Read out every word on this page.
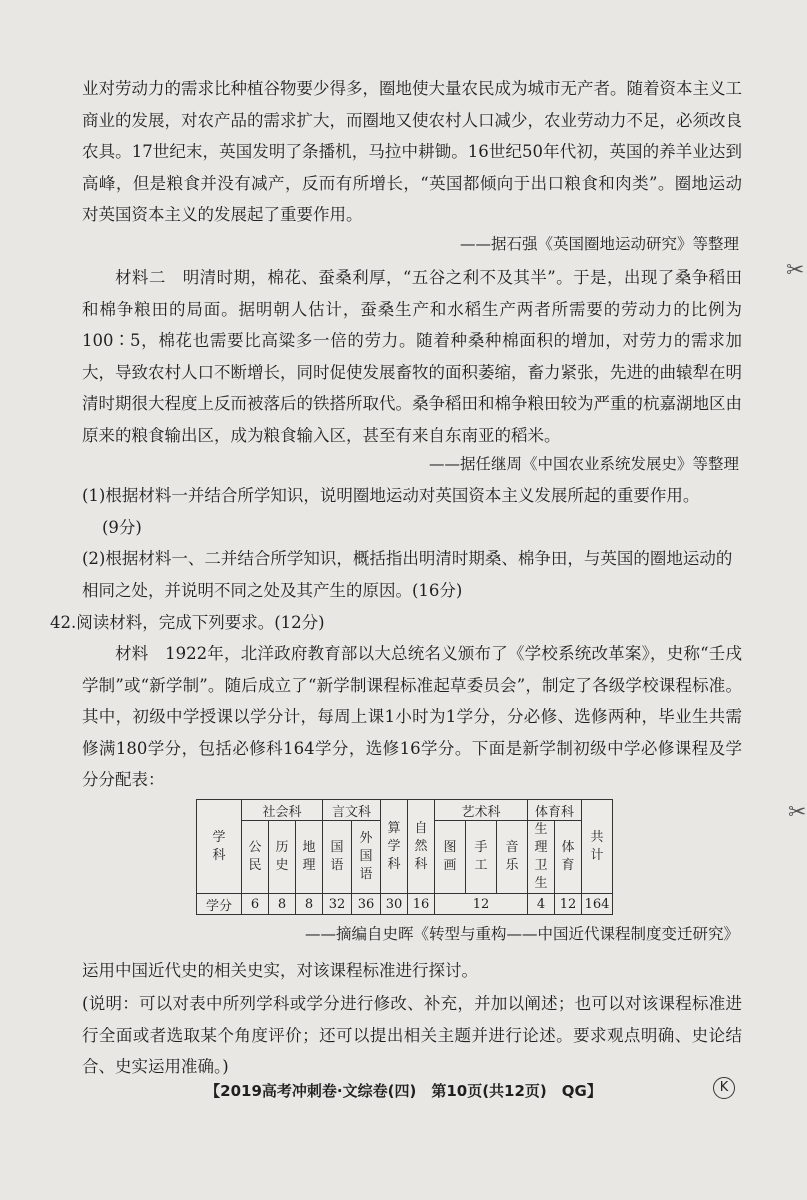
✂
✂
业对劳动力的需求比种植谷物要少得多，圈地使大量农民成为城市无产者。随着资本主义工商业的发展，对农产品的需求扩大，而圈地又使农村人口减少，农业劳动力不足，必须改良农具。17世纪末，英国发明了条播机，马拉中耕锄。16世纪50年代初，英国的养羊业达到高峰，但是粮食并没有减产，反而有所增长，“英国都倾向于出口粮食和肉类”。圈地运动对英国资本主义的发展起了重要作用。
——据石强《英国圈地运动研究》等整理
材料二　明清时期，棉花、蚕桑利厚，“五谷之利不及其半”。于是，出现了桑争稻田和棉争粮田的局面。据明朝人估计，蚕桑生产和水稻生产两者所需要的劳动力的比例为100∶5，棉花也需要比高粱多一倍的劳力。随着种桑种棉面积的增加，对劳力的需求加大，导致农村人口不断增长，同时促使发展畜牧的面积萎缩，畜力紧张，先进的曲辕犁在明清时期很大程度上反而被落后的铁搭所取代。桑争稻田和棉争粮田较为严重的杭嘉湖地区由原来的粮食输出区，成为粮食输入区，甚至有来自东南亚的稻米。
——据任继周《中国农业系统发展史》等整理
(1)根据材料一并结合所学知识，说明圈地运动对英国资本主义发展所起的重要作用。
(9分)
(2)根据材料一、二并结合所学知识，概括指出明清时期桑、棉争田，与英国的圈地运动的相同之处，并说明不同之处及其产生的原因。(16分)
42.阅读材料，完成下列要求。(12分)
材料　1922年，北洋政府教育部以大总统名义颁布了《学校系统改革案》，史称“壬戌学制”或“新学制”。随后成立了“新学制课程标准起草委员会”，制定了各级学校课程标准。其中，初级中学授课以学分计，每周上课1小时为1学分，分必修、选修两种，毕业生共需修满180学分，包括必修科164学分，选修16学分。下面是新学制初级中学必修课程及学分分配表：
学科	社会科			言文科		算学科	自然科	艺术科			体育科		共计

	公民	历史	地理	国语	外国语			图画	手工	音乐	生理卫生	体育	

学分	6	8	8	32	36	30	16	12			4	12	164
——摘编自史晖《转型与重构——中国近代课程制度变迁研究》
运用中国近代史的相关史实，对该课程标准进行探讨。
(说明：可以对表中所列学科或学分进行修改、补充，并加以阐述；也可以对该课程标准进行全面或者选取某个角度评价；还可以提出相关主题并进行论述。要求观点明确、史论结合、史实运用准确。)
【2019高考冲刺卷·文综卷(四)　第10页(共12页)　QG】	K
